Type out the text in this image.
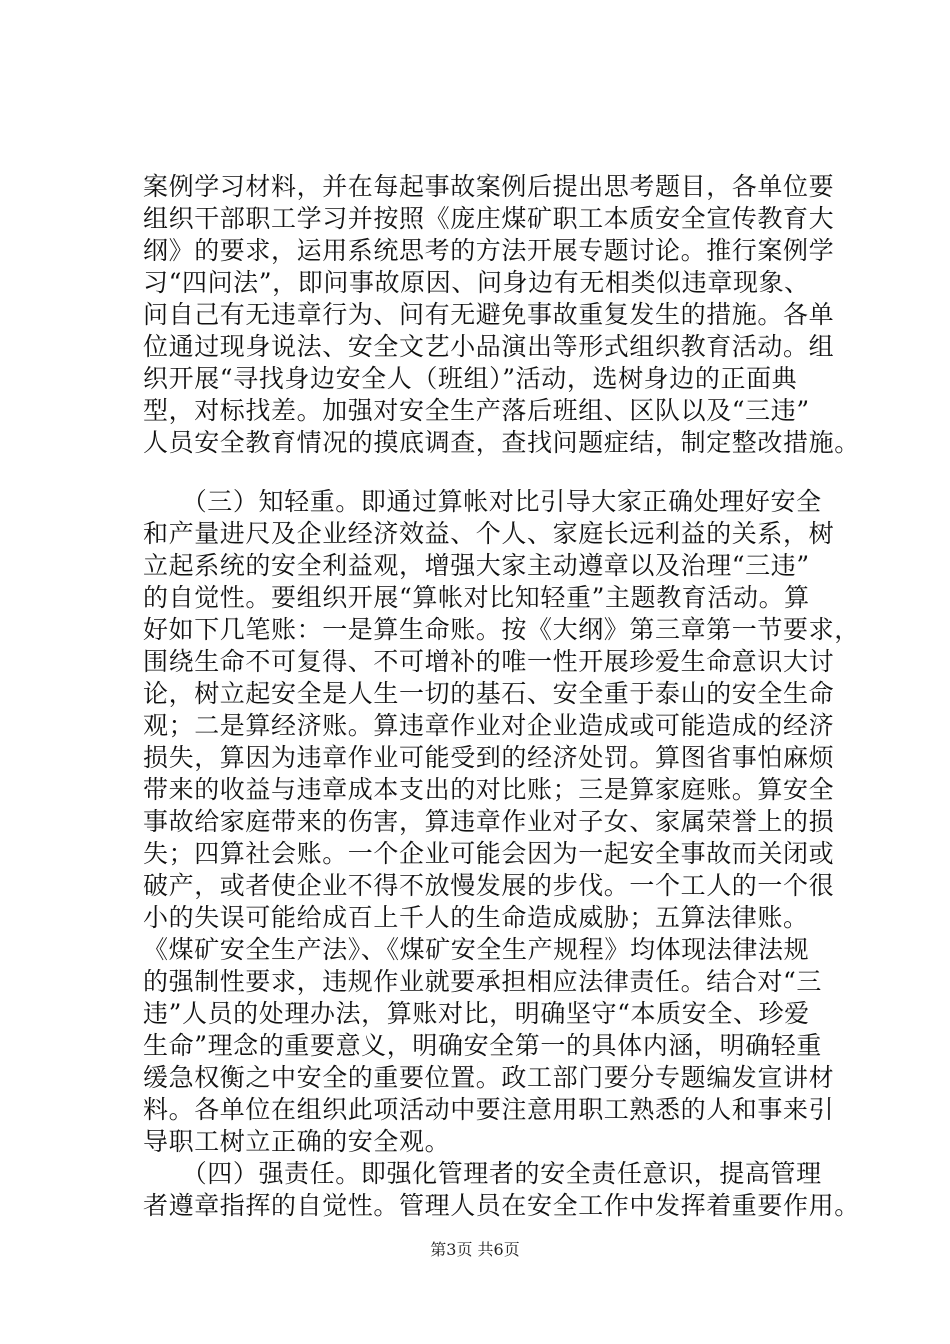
案例学习材料，并在每起事故案例后提出思考题目，各单位要
组织干部职工学习并按照《庞庄煤矿职工本质安全宣传教育大
纲》的要求，运用系统思考的方法开展专题讨论。推行案例学
习“四问法”，即问事故原因、问身边有无相类似违章现象、
问自己有无违章行为、问有无避免事故重复发生的措施。各单
位通过现身说法、安全文艺小品演出等形式组织教育活动。组
织开展“寻找身边安全人（班组）”活动，选树身边的正面典
型，对标找差。加强对安全生产落后班组、区队以及“三违”
人员安全教育情况的摸底调查，查找问题症结，制定整改措施。
　　（三）知轻重。即通过算帐对比引导大家正确处理好安全
和产量进尺及企业经济效益、个人、家庭长远利益的关系，树
立起系统的安全利益观，增强大家主动遵章以及治理“三违”
的自觉性。要组织开展“算帐对比知轻重”主题教育活动。算
好如下几笔账：一是算生命账。按《大纲》第三章第一节要求，
围绕生命不可复得、不可增补的唯一性开展珍爱生命意识大讨
论，树立起安全是人生一切的基石、安全重于泰山的安全生命
观；二是算经济账。算违章作业对企业造成或可能造成的经济
损失，算因为违章作业可能受到的经济处罚。算图省事怕麻烦
带来的收益与违章成本支出的对比账；三是算家庭账。算安全
事故给家庭带来的伤害，算违章作业对子女、家属荣誉上的损
失；四算社会账。一个企业可能会因为一起安全事故而关闭或
破产，或者使企业不得不放慢发展的步伐。一个工人的一个很
小的失误可能给成百上千人的生命造成威胁；五算法律账。
《煤矿安全生产法》、《煤矿安全生产规程》均体现法律法规
的强制性要求，违规作业就要承担相应法律责任。结合对“三
违”人员的处理办法，算账对比，明确坚守“本质安全、珍爱
生命”理念的重要意义，明确安全第一的具体内涵，明确轻重
缓急权衡之中安全的重要位置。政工部门要分专题编发宣讲材
料。各单位在组织此项活动中要注意用职工熟悉的人和事来引
导职工树立正确的安全观。
　　（四）强责任。即强化管理者的安全责任意识，提高管理
者遵章指挥的自觉性。管理人员在安全工作中发挥着重要作用。
第3页 共6页
